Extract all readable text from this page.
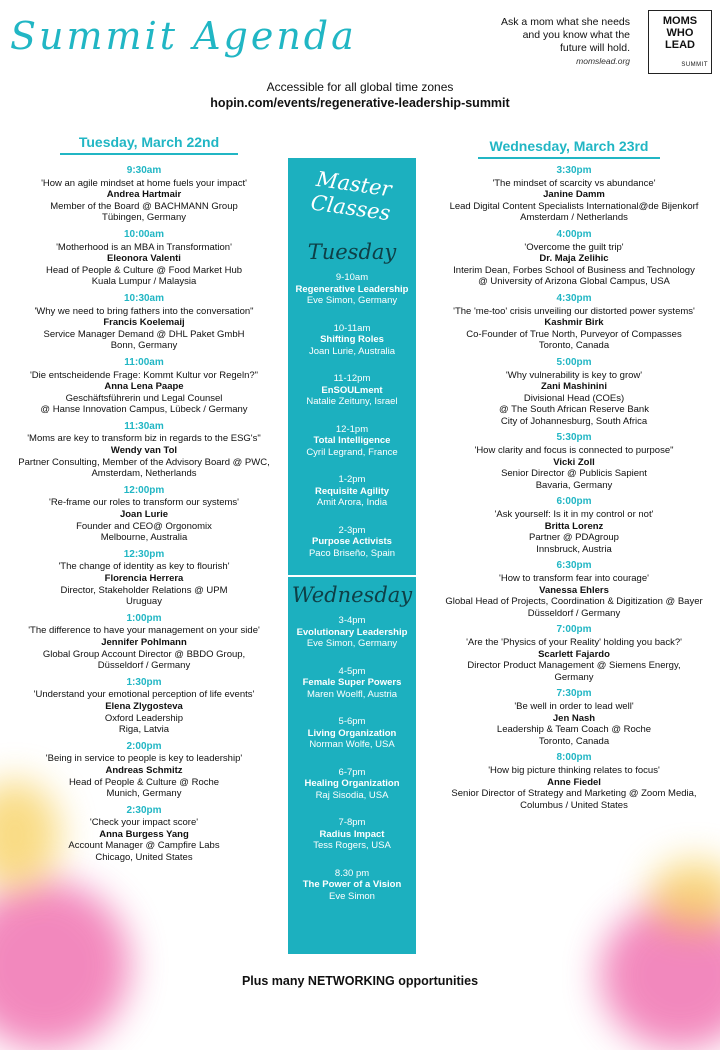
Summit Agenda	Ask a mom what she needs
and you know what the
future will hold.
momslead.org
MOMS
WHO
LEAD
SUMMIT
Accessible for all global time zones
hopin.com/events/regenerative-leadership-summit
Tuesday, March 22nd	Wednesday, March 23rd
9:30am
'How an agile mindset at home fuels your impact'
Andrea Hartmair
Member of the Board @ BACHMANN Group
Tübingen, Germany
10:00am
'Motherhood is an MBA in Transformation'
Eleonora Valenti
Head of People & Culture @ Food Market Hub
Kuala Lumpur / Malaysia
10:30am
'Why we need to bring fathers into the conversation"
Francis Koelemaij
Service Manager Demand @ DHL Paket GmbH
Bonn, Germany
11:00am
'Die entscheidende Frage: Kommt Kultur vor Regeln?"
Anna Lena Paape
Geschäftsführerin und Legal Counsel
@ Hanse Innovation Campus, Lübeck / Germany
11:30am
'Moms are key to transform biz in regards to the ESG's"
Wendy van Tol
Partner Consulting, Member of the Advisory Board @ PWC,
Amsterdam, Netherlands
12:00pm
'Re-frame our roles to transform our systems'
Joan Lurie
Founder and CEO@ Orgonomix
Melbourne, Australia
12:30pm
'The change of identity as key to flourish'
Florencia Herrera
Director, Stakeholder Relations @ UPM
Uruguay
1:00pm
'The difference to have your management on your side'
Jennifer Pohlmann
Global Group Account Director @ BBDO Group,
Düsseldorf / Germany
1:30pm
'Understand your emotional perception of life events'
Elena Zlygosteva
Oxford Leadership
Riga, Latvia
2:00pm
'Being in service to people is key to leadership'
Andreas Schmitz
Head of People & Culture @ Roche
Munich, Germany
2:30pm
'Check your impact score'
Anna Burgess Yang
Account Manager @ Campfire Labs
Chicago, United States
3:30pm
'The mindset of scarcity vs abundance'
Janine Damm
Lead Digital Content Specialists International@de Bijenkorf
Amsterdam / Netherlands
4:00pm
'Overcome the guilt trip'
Dr. Maja Zelihic
Interim Dean, Forbes School of Business and Technology
@ University of Arizona Global Campus, USA
4:30pm
'The 'me-too' crisis unveiling our distorted power systems'
Kashmir Birk
Co-Founder of True North, Purveyor of Compasses
Toronto, Canada
5:00pm
'Why vulnerability is key to grow'
Zani Mashinini
Divisional Head (COEs)
@ The South African Reserve Bank
City of Johannesburg, South Africa
5:30pm
'How clarity and focus is connected to purpose"
Vicki Zoll
Senior Director @ Publicis Sapient
Bavaria, Germany
6:00pm
'Ask yourself: Is it in my control or not'
Britta Lorenz
Partner @ PDAgroup
Innsbruck, Austria
6:30pm
'How to transform fear into courage'
Vanessa Ehlers
Global Head of Projects, Coordination & Digitization @ Bayer
Düsseldorf / Germany
7:00pm
'Are the 'Physics of your Reality' holding you back?'
Scarlett Fajardo
Director Product Management @ Siemens Energy,
Germany
7:30pm
'Be well in order to lead well'
Jen Nash
Leadership & Team Coach @ Roche
Toronto, Canada
8:00pm
'How big picture thinking relates to focus'
Anne Fiedel
Senior Director of Strategy and Marketing @ Zoom Media,
Columbus / United States
Master Classes
Tuesday
9-10am
Regenerative Leadership
Eve Simon, Germany
10-11am
Shifting Roles
Joan Lurie, Australia
11-12pm
EnSOULment
Natalie Zeituny, Israel
12-1pm
Total Intelligence
Cyril Legrand, France
1-2pm
Requisite Agility
Amit Arora, India
2-3pm
Purpose Activists
Paco Briseño, Spain
Wednesday
3-4pm
Evolutionary Leadership
Eve Simon, Germany
4-5pm
Female Super Powers
Maren Woelfl, Austria
5-6pm
Living Organization
Norman Wolfe, USA
6-7pm
Healing Organization
Raj Sisodia, USA
7-8pm
Radius Impact
Tess Rogers, USA
8.30 pm
The Power of a Vision
Eve Simon
Plus many NETWORKING opportunities
